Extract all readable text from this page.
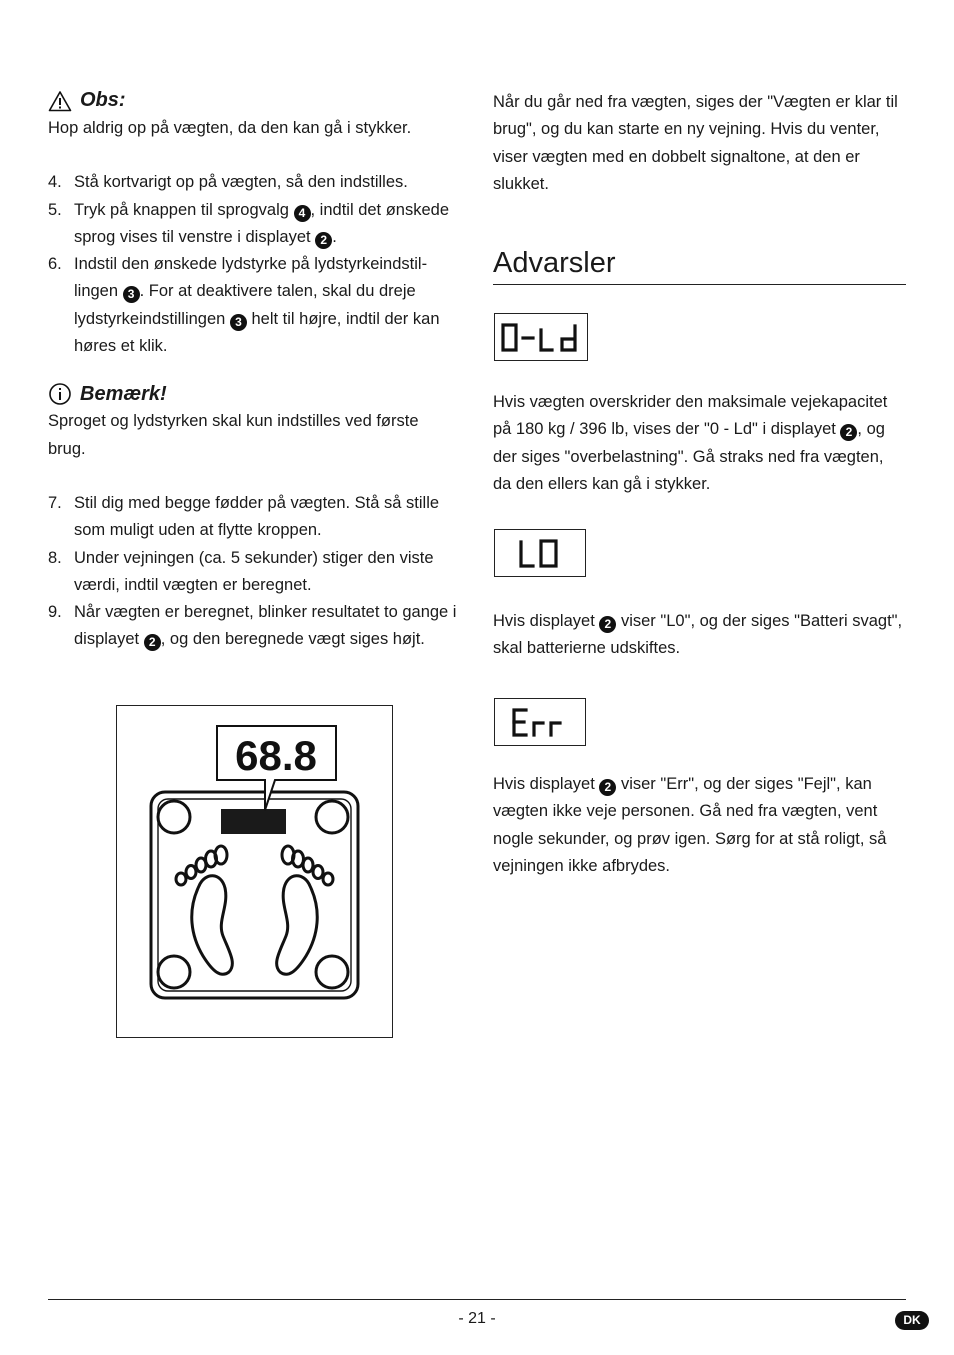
Obs:

Hop aldrig op på vægten, da den kan gå i stykker.

4. Stå kortvarigt op på vægten, så den indstilles.
5. Tryk på knappen til sprogvalg 4 , indtil det ønskede sprog vises til venstre i displayet 2 .
6. Indstil den ønskede lydstyrke på lydstyrkeindstillingen 3 . For at deaktivere talen, skal du dreje lydstyrkeindstillingen 3 helt til højre, indtil der kan høres et klik.
Bemærk!

Sproget og lydstyrken skal kun indstilles ved første brug.

7. Stil dig med begge fødder på vægten. Stå så stille som muligt uden at flytte kroppen.
8. Under vejningen (ca. 5 sekunder) stiger den viste værdi, indtil vægten er beregnet.
9. Når vægten er beregnet, blinker resultatet to gange i displayet 2 , og den beregnede vægt siges højt.
68.8

Når du går ned fra vægten, siges der "Vægten er klar til brug", og du kan starte en ny vejning. Hvis du venter, viser vægten med en dobbelt signaltone, at den er slukket.

Advarsler

Hvis vægten overskrider den maksimale vejekapacitet på 180 kg / 396 lb, vises der "0 - Ld" i displayet 2 , og der siges "overbelastning". Gå straks ned fra vægten, da den ellers kan gå i stykker.

Hvis displayet 2 viser "L0", og der siges "Batteri svagt", skal batterierne udskiftes.

Hvis displayet 2 viser "Err", og der siges "Fejl", kan vægten ikke veje personen. Gå ned fra vægten, vent nogle sekunder, og prøv igen. Sørg for at stå roligt, så vejningen ikke afbrydes.

- 21 -	DK
